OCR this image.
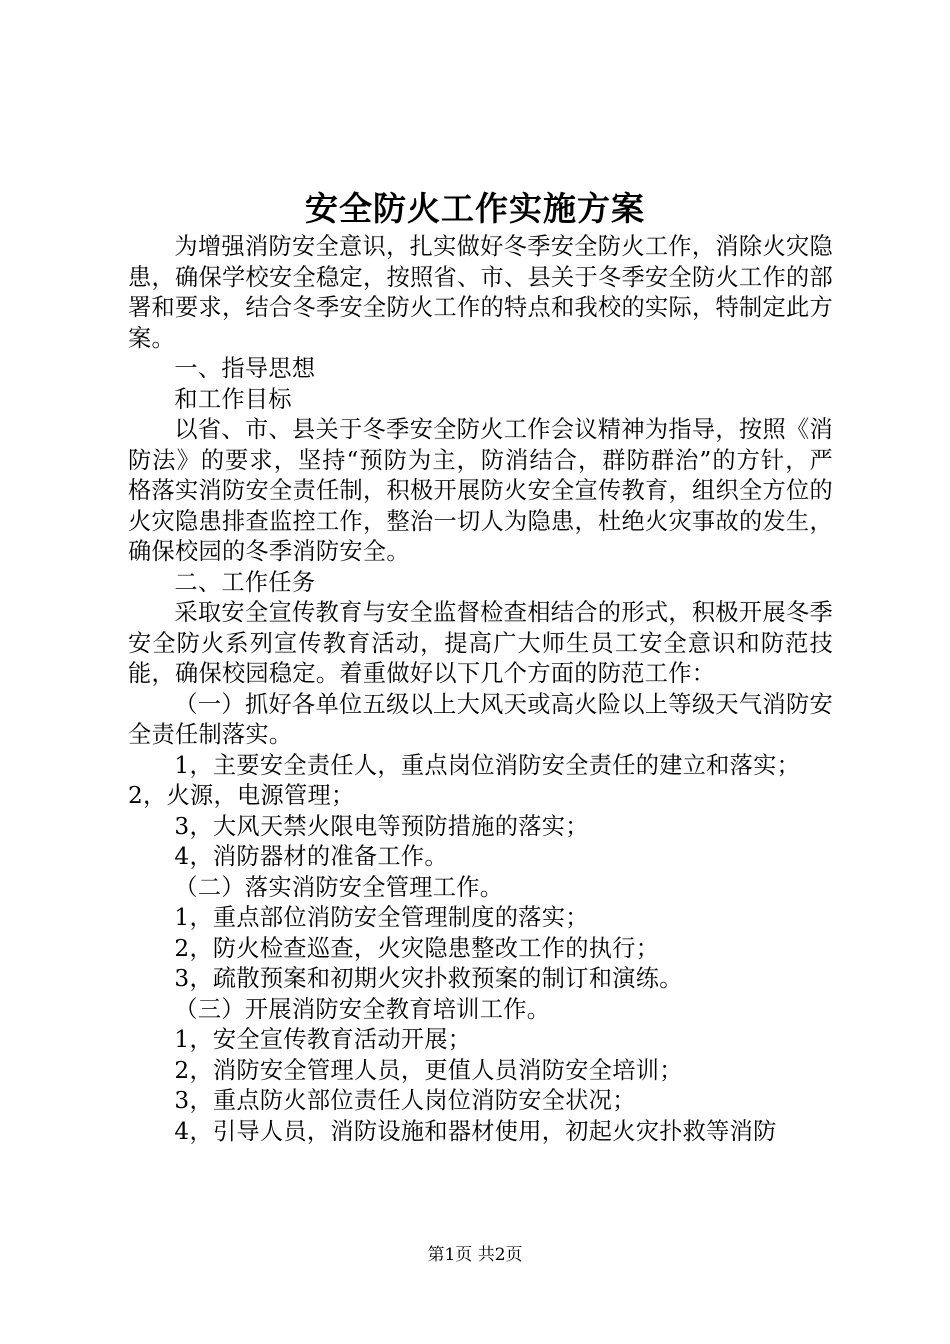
安全防火工作实施方案

为增强消防安全意识，扎实做好冬季安全防火工作，消除火灾隐患，确保学校安全稳定，按照省、市、县关于冬季安全防火工作的部署和要求，结合冬季安全防火工作的特点和我校的实际，特制定此方案。

一、指导思想

和工作目标

以省、市、县关于冬季安全防火工作会议精神为指导，按照《消防法》的要求，坚持“预防为主，防消结合，群防群治”的方针，严格落实消防安全责任制，积极开展防火安全宣传教育，组织全方位的火灾隐患排查监控工作，整治一切人为隐患，杜绝火灾事故的发生，确保校园的冬季消防安全。

二、工作任务

采取安全宣传教育与安全监督检查相结合的形式，积极开展冬季安全防火系列宣传教育活动，提高广大师生员工安全意识和防范技能，确保校园稳定。着重做好以下几个方面的防范工作：

（一）抓好各单位五级以上大风天或高火险以上等级天气消防安全责任制落实。

1，主要安全责任人，重点岗位消防安全责任的建立和落实；

2，火源，电源管理；

3，大风天禁火限电等预防措施的落实；

4，消防器材的准备工作。

（二）落实消防安全管理工作。

1，重点部位消防安全管理制度的落实；

2，防火检查巡查，火灾隐患整改工作的执行；

3，疏散预案和初期火灾扑救预案的制订和演练。

（三）开展消防安全教育培训工作。

1，安全宣传教育活动开展；

2，消防安全管理人员，更值人员消防安全培训；

3，重点防火部位责任人岗位消防安全状况；

4，引导人员，消防设施和器材使用，初起火灾扑救等消防

第1页 共2页
